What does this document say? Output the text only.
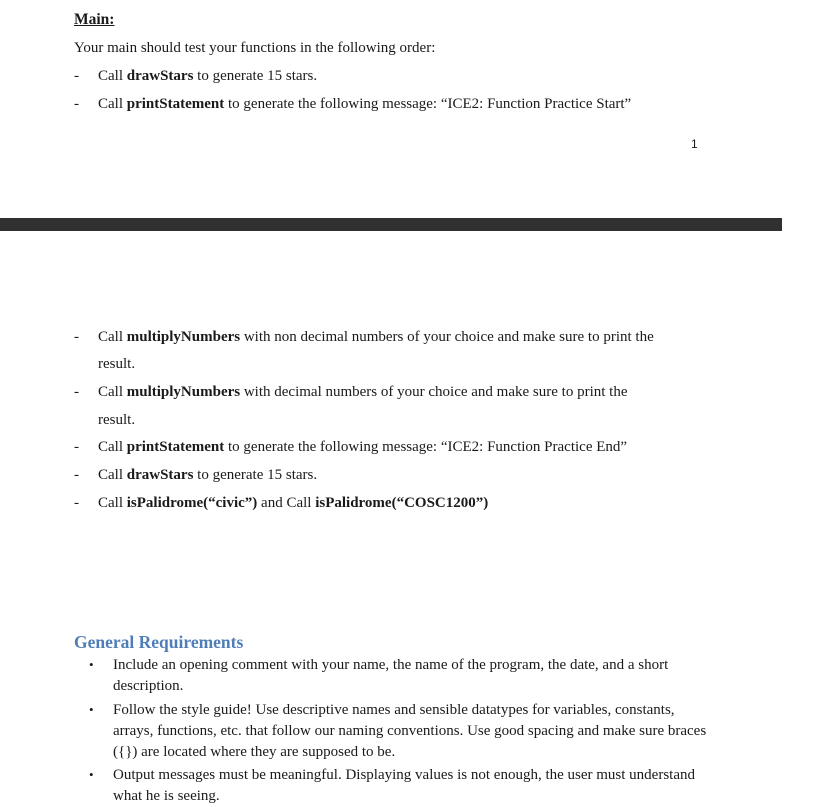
Main:
Your main should test your functions in the following order:
- Call drawStars to generate 15 stars.
- Call printStatement to generate the following message: “ICE2: Function Practice Start”
1
- Call multiplyNumbers with non decimal numbers of your choice and make sure to print the
result.
- Call multiplyNumbers with decimal numbers of your choice and make sure to print the
result.
- Call printStatement to generate the following message: “ICE2: Function Practice End”
- Call drawStars to generate 15 stars.
- Call isPalidrome(“civic”) and Call isPalidrome(“COSC1200”)
General Requirements
• Include an opening comment with your name, the name of the program, the date, and a short description.
• Follow the style guide! Use descriptive names and sensible datatypes for variables, constants, arrays, functions, etc. that follow our naming conventions. Use good spacing and make sure braces ({}) are located where they are supposed to be.
• Output messages must be meaningful. Displaying values is not enough, the user must understand what he is seeing.
